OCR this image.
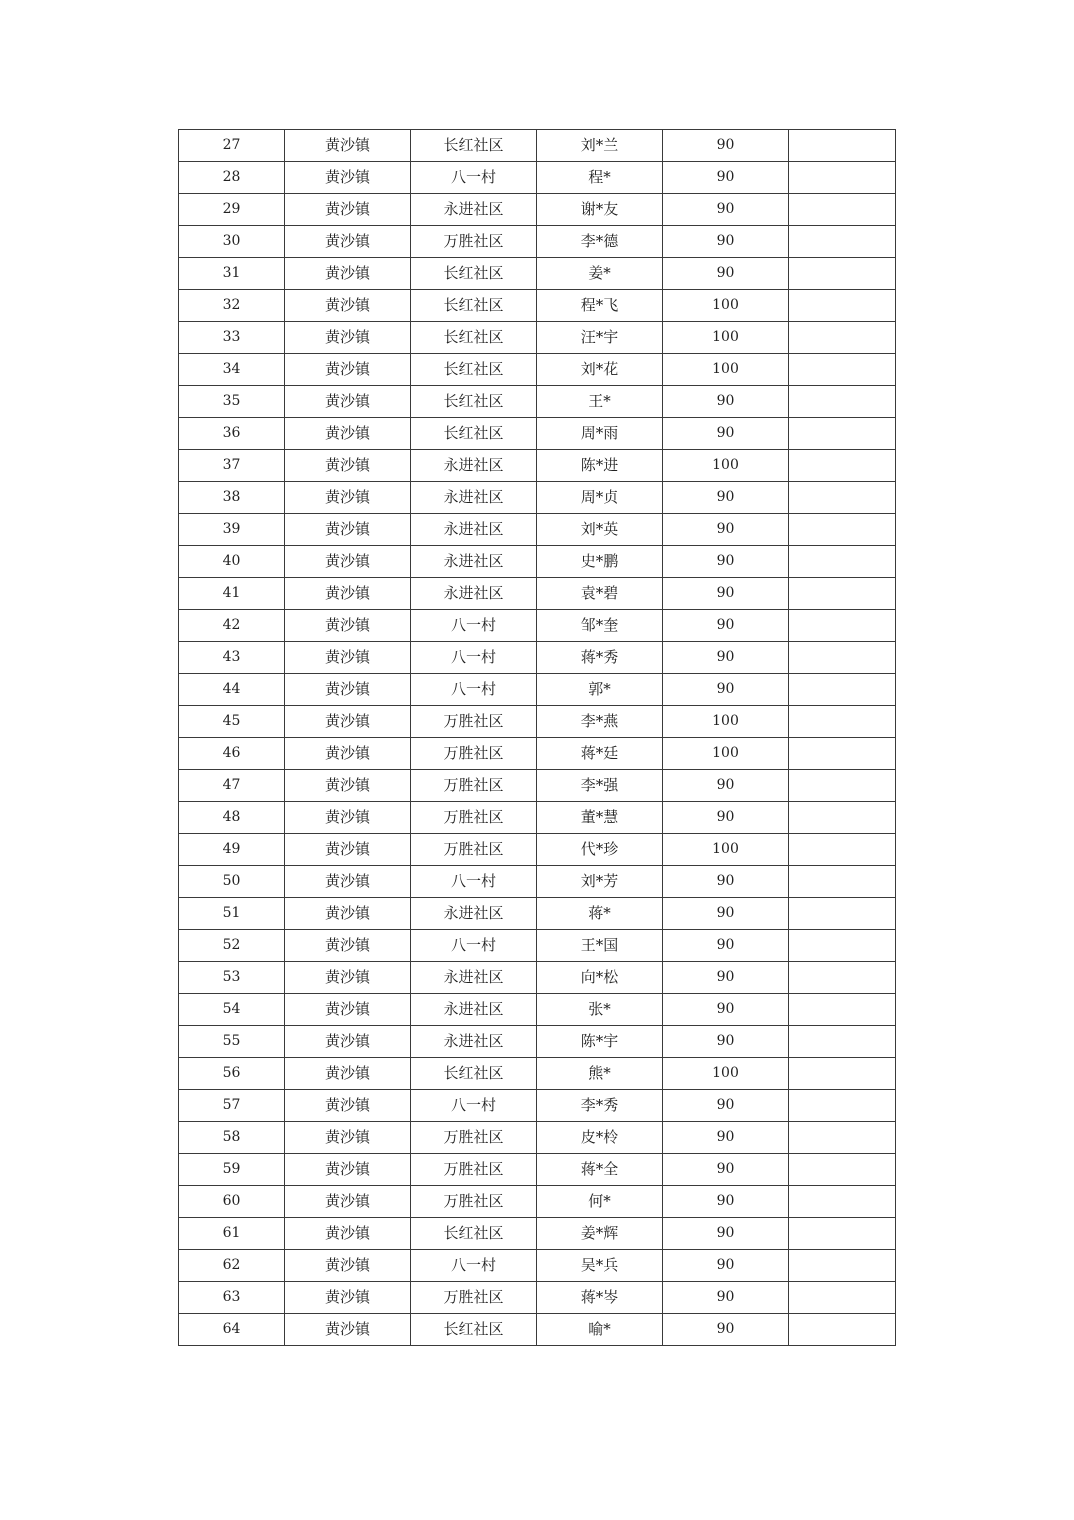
27	黄沙镇	长红社区	刘*兰	90	
28	黄沙镇	八一村	程*	90	
29	黄沙镇	永进社区	谢*友	90	
30	黄沙镇	万胜社区	李*德	90	
31	黄沙镇	长红社区	姜*	90	
32	黄沙镇	长红社区	程*飞	100	
33	黄沙镇	长红社区	汪*宇	100	
34	黄沙镇	长红社区	刘*花	100	
35	黄沙镇	长红社区	王*	90	
36	黄沙镇	长红社区	周*雨	90	
37	黄沙镇	永进社区	陈*进	100	
38	黄沙镇	永进社区	周*贞	90	
39	黄沙镇	永进社区	刘*英	90	
40	黄沙镇	永进社区	史*鹏	90	
41	黄沙镇	永进社区	袁*碧	90	
42	黄沙镇	八一村	邹*奎	90	
43	黄沙镇	八一村	蒋*秀	90	
44	黄沙镇	八一村	郭*	90	
45	黄沙镇	万胜社区	李*燕	100	
46	黄沙镇	万胜社区	蒋*廷	100	
47	黄沙镇	万胜社区	李*强	90	
48	黄沙镇	万胜社区	董*慧	90	
49	黄沙镇	万胜社区	代*珍	100	
50	黄沙镇	八一村	刘*芳	90	
51	黄沙镇	永进社区	蒋*	90	
52	黄沙镇	八一村	王*国	90	
53	黄沙镇	永进社区	向*松	90	
54	黄沙镇	永进社区	张*	90	
55	黄沙镇	永进社区	陈*宇	90	
56	黄沙镇	长红社区	熊*	100	
57	黄沙镇	八一村	李*秀	90	
58	黄沙镇	万胜社区	皮*柃	90	
59	黄沙镇	万胜社区	蒋*全	90	
60	黄沙镇	万胜社区	何*	90	
61	黄沙镇	长红社区	姜*辉	90	
62	黄沙镇	八一村	吴*兵	90	
63	黄沙镇	万胜社区	蒋*岑	90	
64	黄沙镇	长红社区	喻*	90	
